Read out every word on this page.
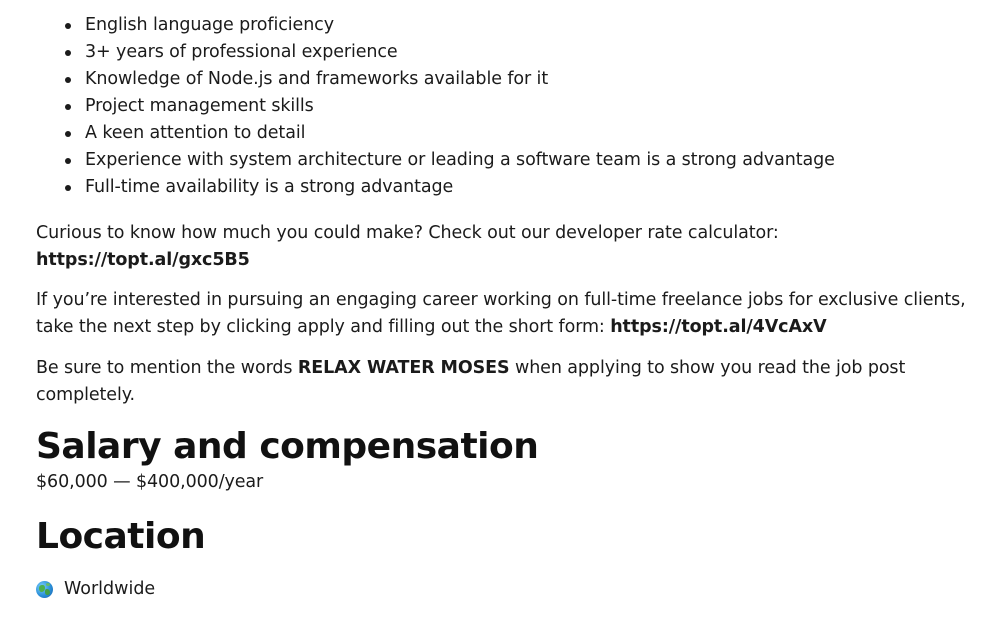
English language proficiency
3+ years of professional experience
Knowledge of Node.js and frameworks available for it
Project management skills
A keen attention to detail
Experience with system architecture or leading a software team is a strong advantage
Full-time availability is a strong advantage

Curious to know how much you could make? Check out our developer rate calculator: https://topt.al/gxc5B5

If you’re interested in pursuing an engaging career working on full-time freelance jobs for exclusive clients, take the next step by clicking apply and filling out the short form: https://topt.al/4VcAxV

Be sure to mention the words RELAX WATER MOSES when applying to show you read the job post completely.

Salary and compensation

$60,000 — $400,000/year

Location
Worldwide
